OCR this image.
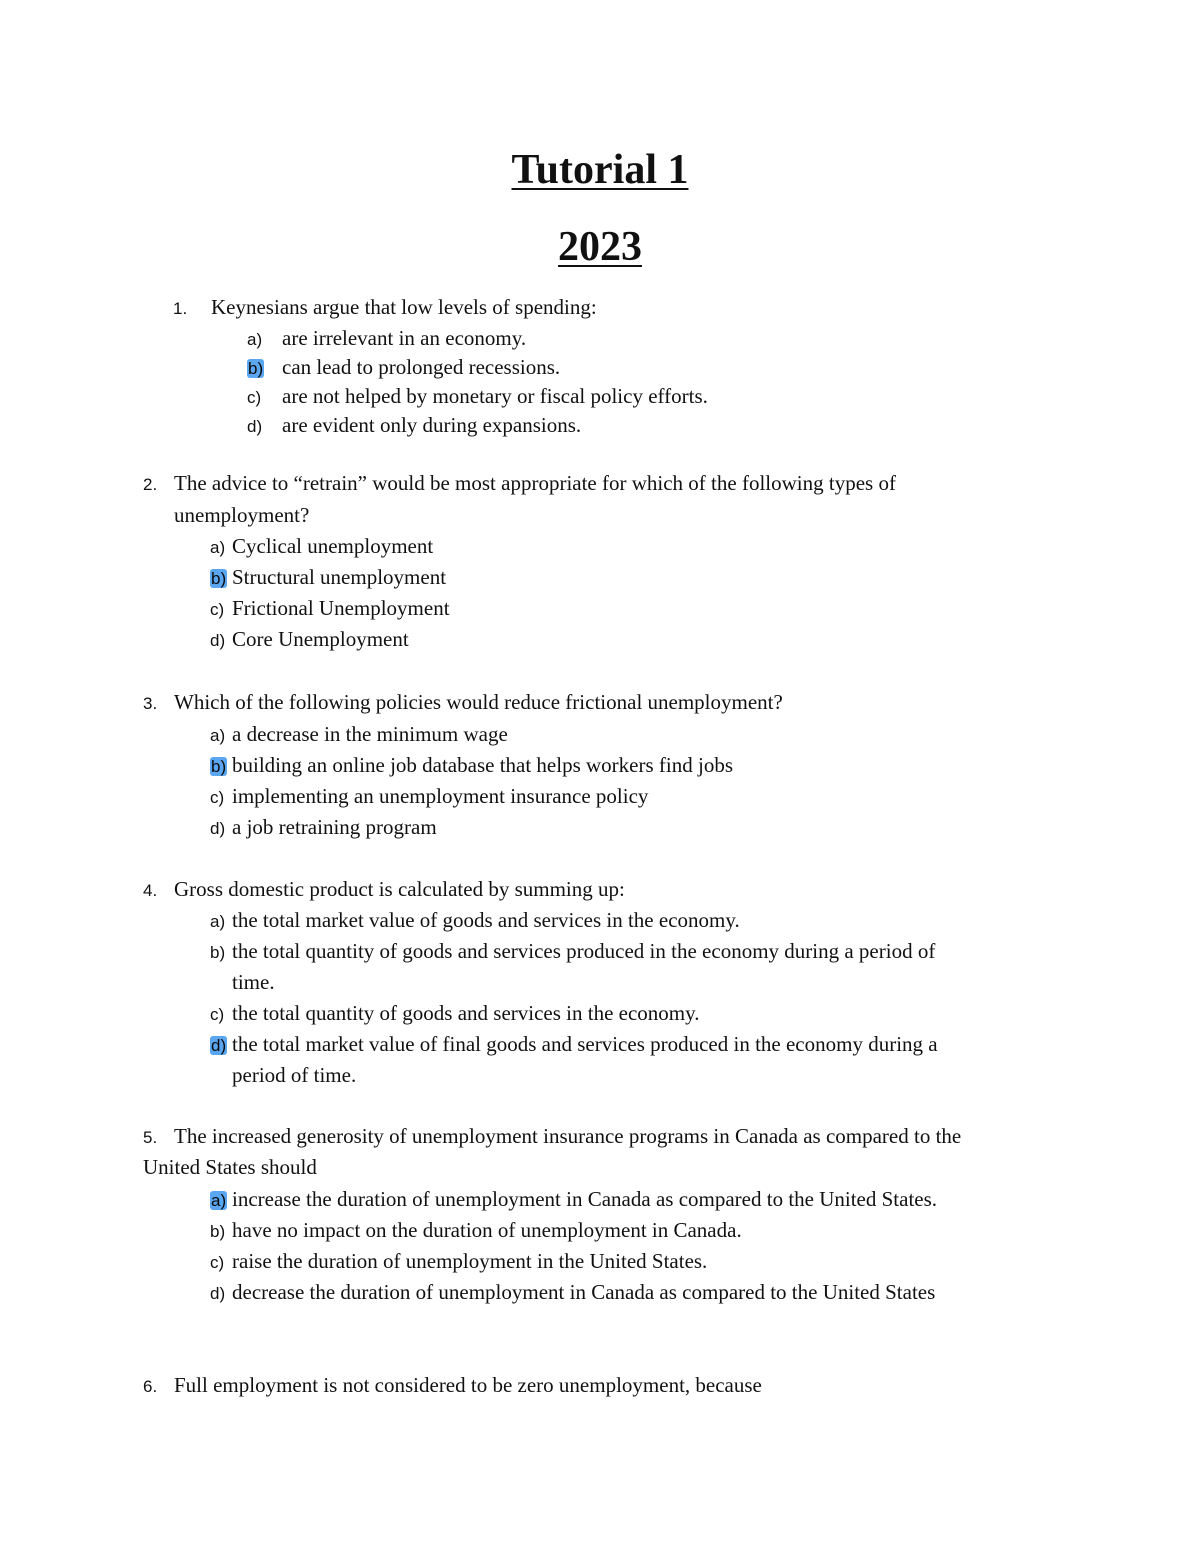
Tutorial 1
2023
1. Keynesians argue that low levels of spending:
a) are irrelevant in an economy.
b) can lead to prolonged recessions.
c) are not helped by monetary or fiscal policy efforts.
d) are evident only during expansions.
2. The advice to “retrain” would be most appropriate for which of the following types of
unemployment?
a) Cyclical unemployment
b) Structural unemployment
c) Frictional Unemployment
d) Core Unemployment
3. Which of the following policies would reduce frictional unemployment?
a) a decrease in the minimum wage
b) building an online job database that helps workers find jobs
c) implementing an unemployment insurance policy
d) a job retraining program
4. Gross domestic product is calculated by summing up:
a) the total market value of goods and services in the economy.
b) the total quantity of goods and services produced in the economy during a period of
time.
c) the total quantity of goods and services in the economy.
d) the total market value of final goods and services produced in the economy during a
period of time.
5. The increased generosity of unemployment insurance programs in Canada as compared to the
United States should
a) increase the duration of unemployment in Canada as compared to the United States.
b) have no impact on the duration of unemployment in Canada.
c) raise the duration of unemployment in the United States.
d) decrease the duration of unemployment in Canada as compared to the United States
6. Full employment is not considered to be zero unemployment, because
